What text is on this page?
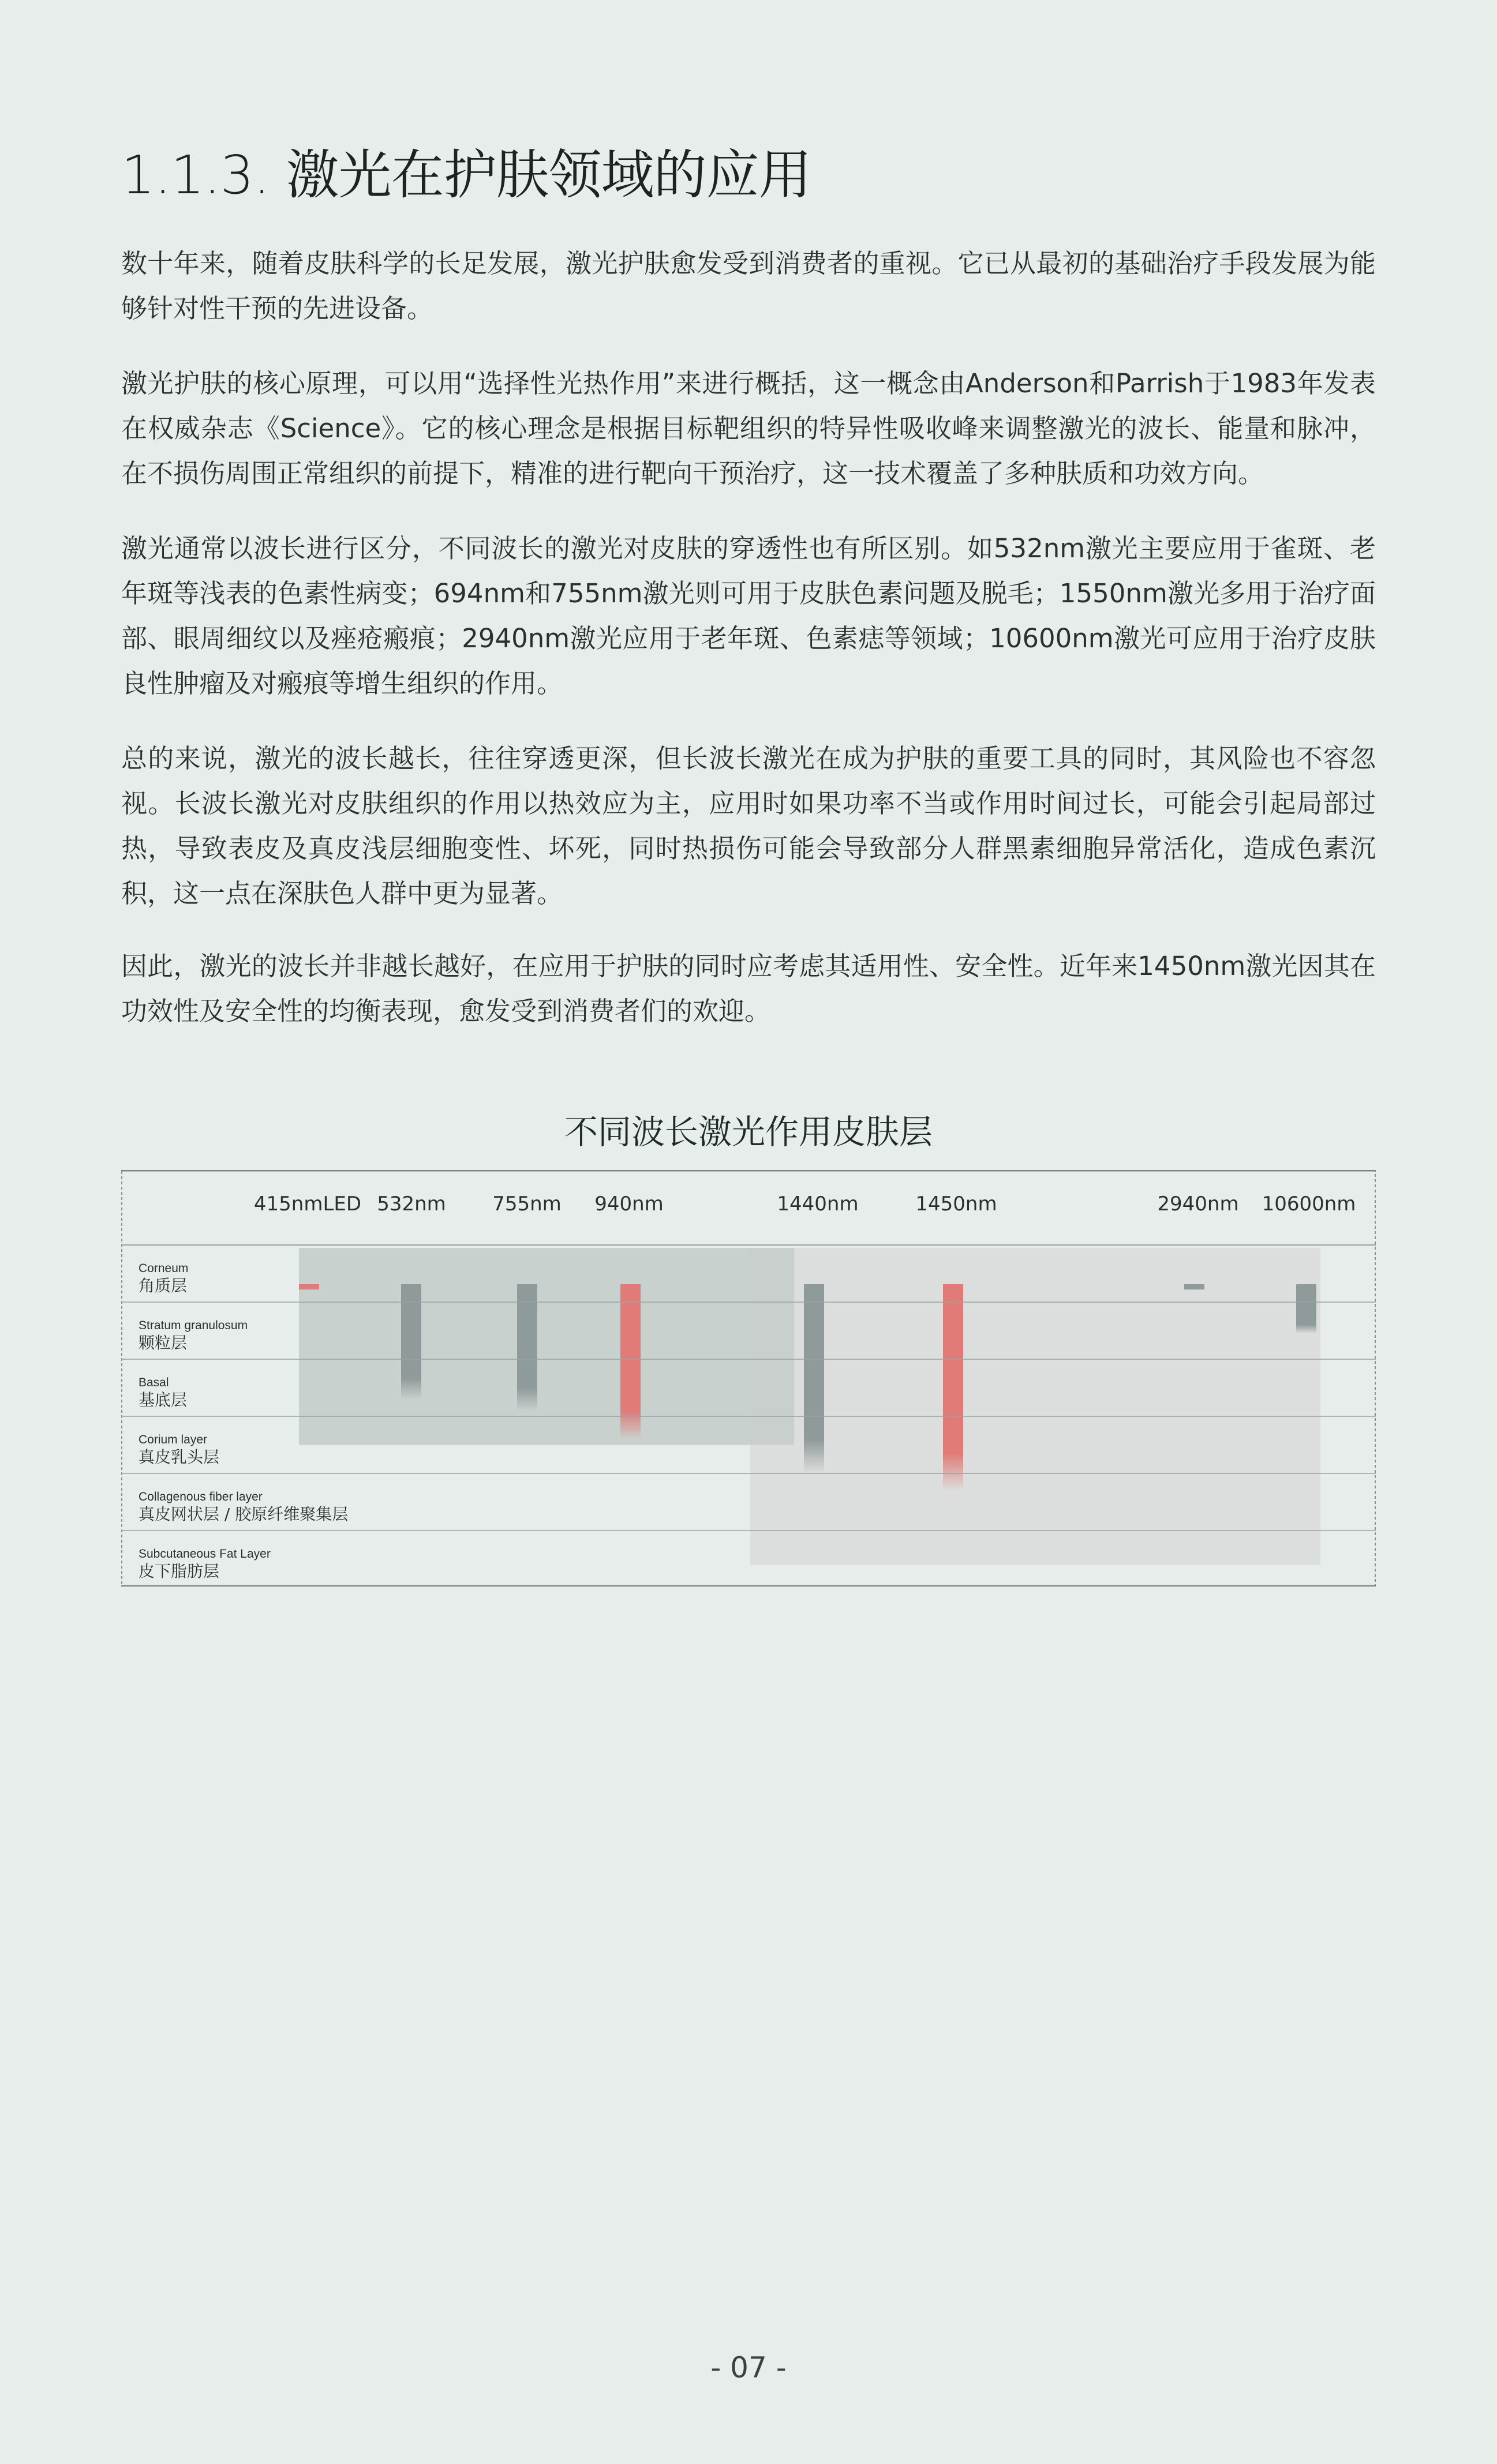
1.1.3. 激光在护肤领域的应用

数十年来，随着皮肤科学的长足发展，激光护肤愈发受到消费者的重视。它已从最初的基础治疗手段发展为能够针对性干预的先进设备。

激光护肤的核心原理，可以用“选择性光热作用”来进行概括，这一概念由Anderson和Parrish于1983年发表在权威杂志《Science》。它的核心理念是根据目标靶组织的特异性吸收峰来调整激光的波长、能量和脉冲，在不损伤周围正常组织的前提下，精准的进行靶向干预治疗，这一技术覆盖了多种肤质和功效方向。

激光通常以波长进行区分，不同波长的激光对皮肤的穿透性也有所区别。如532nm激光主要应用于雀斑、老年斑等浅表的色素性病变；694nm和755nm激光则可用于皮肤色素问题及脱毛；1550nm激光多用于治疗面部、眼周细纹以及痤疮瘢痕；2940nm激光应用于老年斑、色素痣等领域；10600nm激光可应用于治疗皮肤良性肿瘤及对瘢痕等增生组织的作用。

总的来说，激光的波长越长，往往穿透更深，但长波长激光在成为护肤的重要工具的同时，其风险也不容忽视。长波长激光对皮肤组织的作用以热效应为主，应用时如果功率不当或作用时间过长，可能会引起局部过热，导致表皮及真皮浅层细胞变性、坏死，同时热损伤可能会导致部分人群黑素细胞异常活化，造成色素沉积，这一点在深肤色人群中更为显著。

因此，激光的波长并非越长越好，在应用于护肤的同时应考虑其适用性、安全性。近年来1450nm激光因其在功效性及安全性的均衡表现，愈发受到消费者们的欢迎。

不同波长激光作用皮肤层
Corneum
角质层
Stratum granulosum
颗粒层
Basal
基底层
Corium layer
真皮乳头层
Collagenous fiber layer
真皮网状层 / 胶原纤维聚集层
Subcutaneous Fat Layer
皮下脂肪层
415nmLED 532nm 755nm 940nm	1440nm	1450nm	2940nm 10600nm
- 07 -
